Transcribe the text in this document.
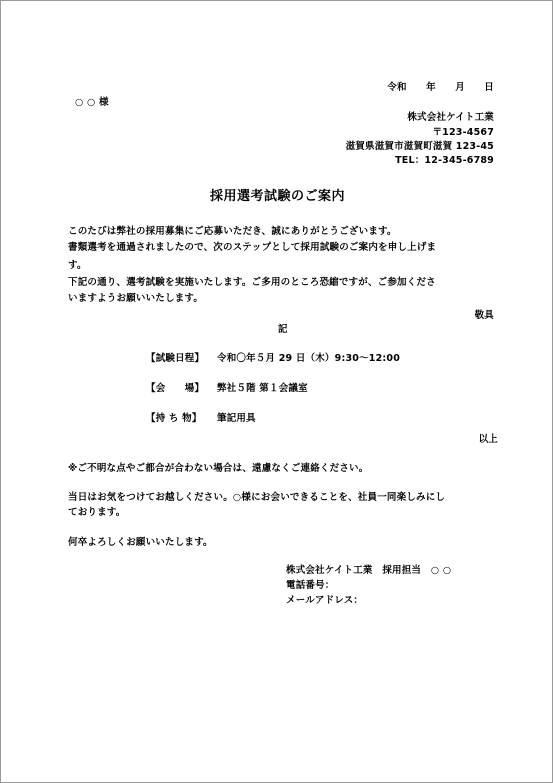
令和　　年　　月　　日
○ ○ 様
株式会社ケイト工業
〒123-4567
滋賀県滋賀市滋賀町滋賀 123-45
TEL：12-345-6789
採用選考試験のご案内
このたびは弊社の採用募集にご応募いただき、誠にありがとうございます。
書類選考を通過されましたので、次のステップとして採用試験のご案内を申し上げま
す。
下記の通り、選考試験を実施いたします。ご多用のところ恐縮ですが、ご参加くださ
いますようお願いいたします。
敬具
記
【試験日程】 令和〇年５月 29 日（木）9:30～12:00
【会　　場】 弊社５階 第１会議室
【持 ち 物】 筆記用具
以上
※ご不明な点やご都合が合わない場合は、遠慮なくご連絡ください。
当日はお気をつけてお越しください。○様にお会いできることを、社員一同楽しみにし
ております。
何卒よろしくお願いいたします。
株式会社ケイト工業　採用担当　○ ○
電話番号：
メールアドレス：
